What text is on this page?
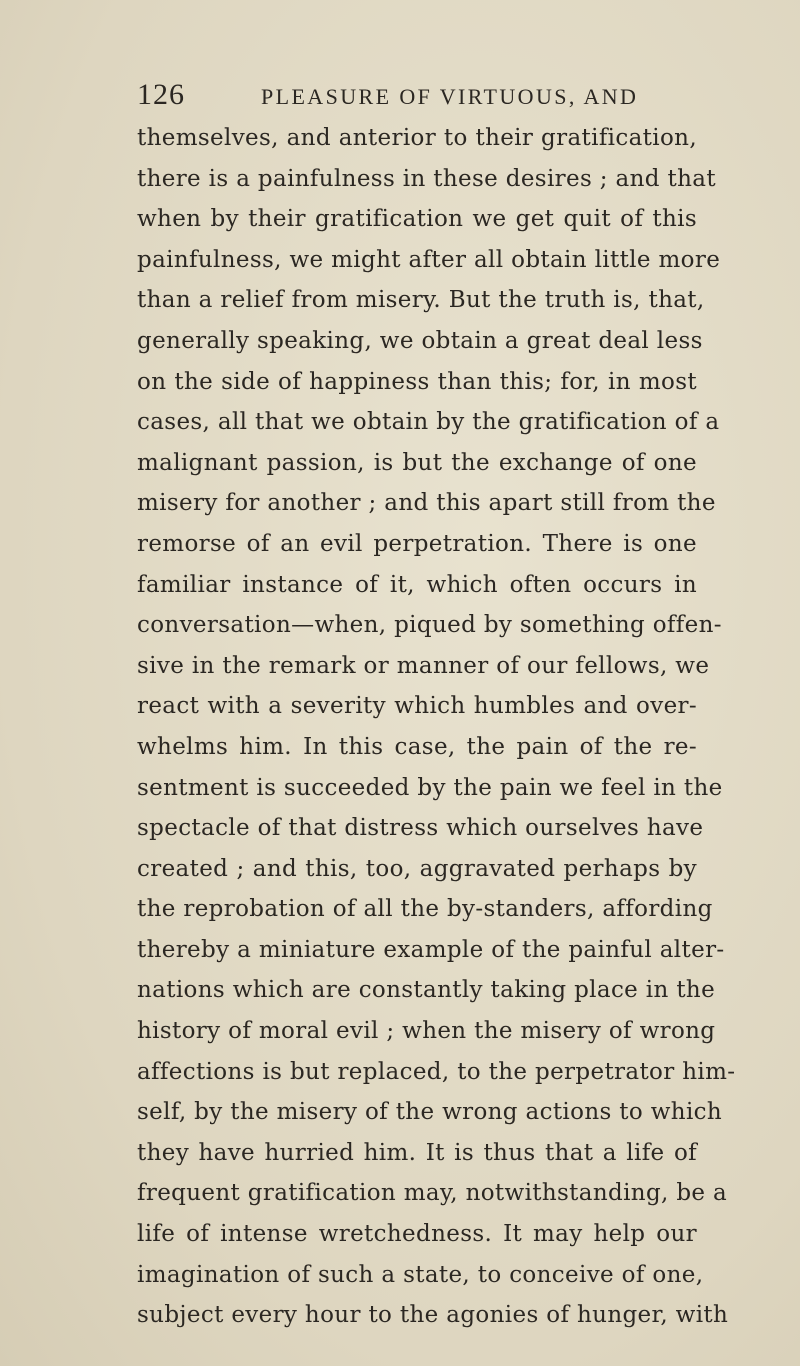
126	PLEASURE OF VIRTUOUS, AND
themselves, and anterior to their gratification,
there is a painfulness in these desires ; and that
when by their gratification we get quit of this
painfulness, we might after all obtain little more
than a relief from misery. But the truth is, that,
generally speaking, we obtain a great deal less
on the side of happiness than this; for, in most
cases, all that we obtain by the gratification of a
malignant passion, is but the exchange of one
misery for another ; and this apart still from the
remorse of an evil perpetration. There is one
familiar instance of it, which often occurs in
conversation—when, piqued by something offen-
sive in the remark or manner of our fellows, we
react with a severity which humbles and over-
whelms him. In this case, the pain of the re-
sentment is succeeded by the pain we feel in the
spectacle of that distress which ourselves have
created ; and this, too, aggravated perhaps by
the reprobation of all the by-standers, affording
thereby a miniature example of the painful alter-
nations which are constantly taking place in the
history of moral evil ; when the misery of wrong
affections is but replaced, to the perpetrator him-
self, by the misery of the wrong actions to which
they have hurried him. It is thus that a life of
frequent gratification may, notwithstanding, be a
life of intense wretchedness. It may help our
imagination of such a state, to conceive of one,
subject every hour to the agonies of hunger, with
